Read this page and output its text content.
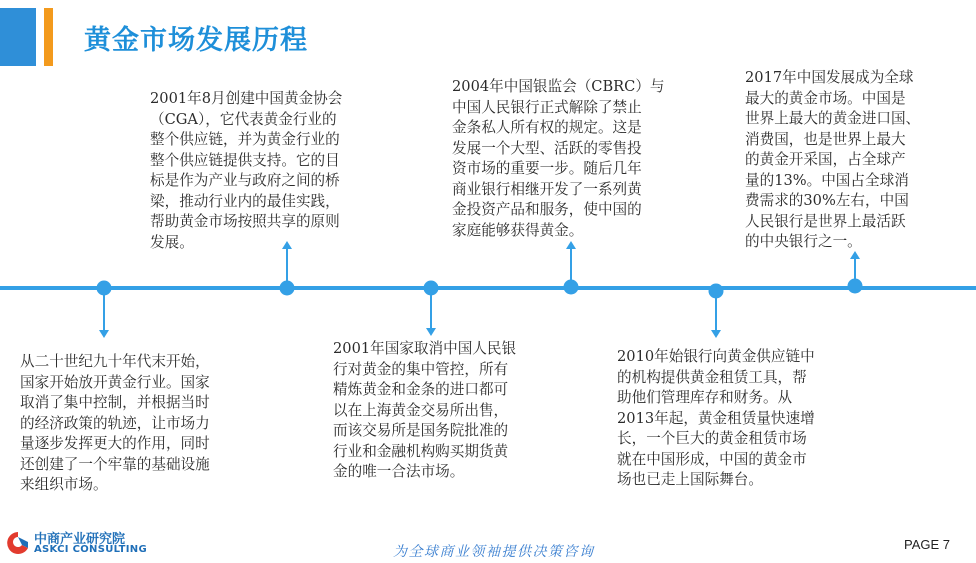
黄金市场发展历程

2001年8月创建中国黄金协会
（CGA），它代表黄金行业的
整个供应链，并为黄金行业的
整个供应链提供支持。它的目
标是作为产业与政府之间的桥
梁，推动行业内的最佳实践，
帮助黄金市场按照共享的原则
发展。

2004年中国银监会（CBRC）与
中国人民银行正式解除了禁止
金条私人所有权的规定。这是
发展一个大型、活跃的零售投
资市场的重要一步。随后几年
商业银行相继开发了一系列黄
金投资产品和服务，使中国的
家庭能够获得黄金。

2017年中国发展成为全球
最大的黄金市场。中国是
世界上最大的黄金进口国、
消费国，也是世界上最大
的黄金开采国，占全球产
量的13%。中国占全球消
费需求的30%左右，中国
人民银行是世界上最活跃
的中央银行之一。

从二十世纪九十年代末开始，
国家开始放开黄金行业。国家
取消了集中控制，并根据当时
的经济政策的轨迹，让市场力
量逐步发挥更大的作用，同时
还创建了一个牢靠的基础设施
来组织市场。

2001年国家取消中国人民银
行对黄金的集中管控，所有
精炼黄金和金条的进口都可
以在上海黄金交易所出售，
而该交易所是国务院批准的
行业和金融机构购买期货黄
金的唯一合法市场。

2010年始银行向黄金供应链中
的机构提供黄金租赁工具，帮
助他们管理库存和财务。从
2013年起，黄金租赁量快速增
长，一个巨大的黄金租赁市场
就在中国形成，中国的黄金市
场也已走上国际舞台。

中商产业研究院
ASKCI CONSULTING	为全球商业领袖提供决策咨询	PAGE 7
